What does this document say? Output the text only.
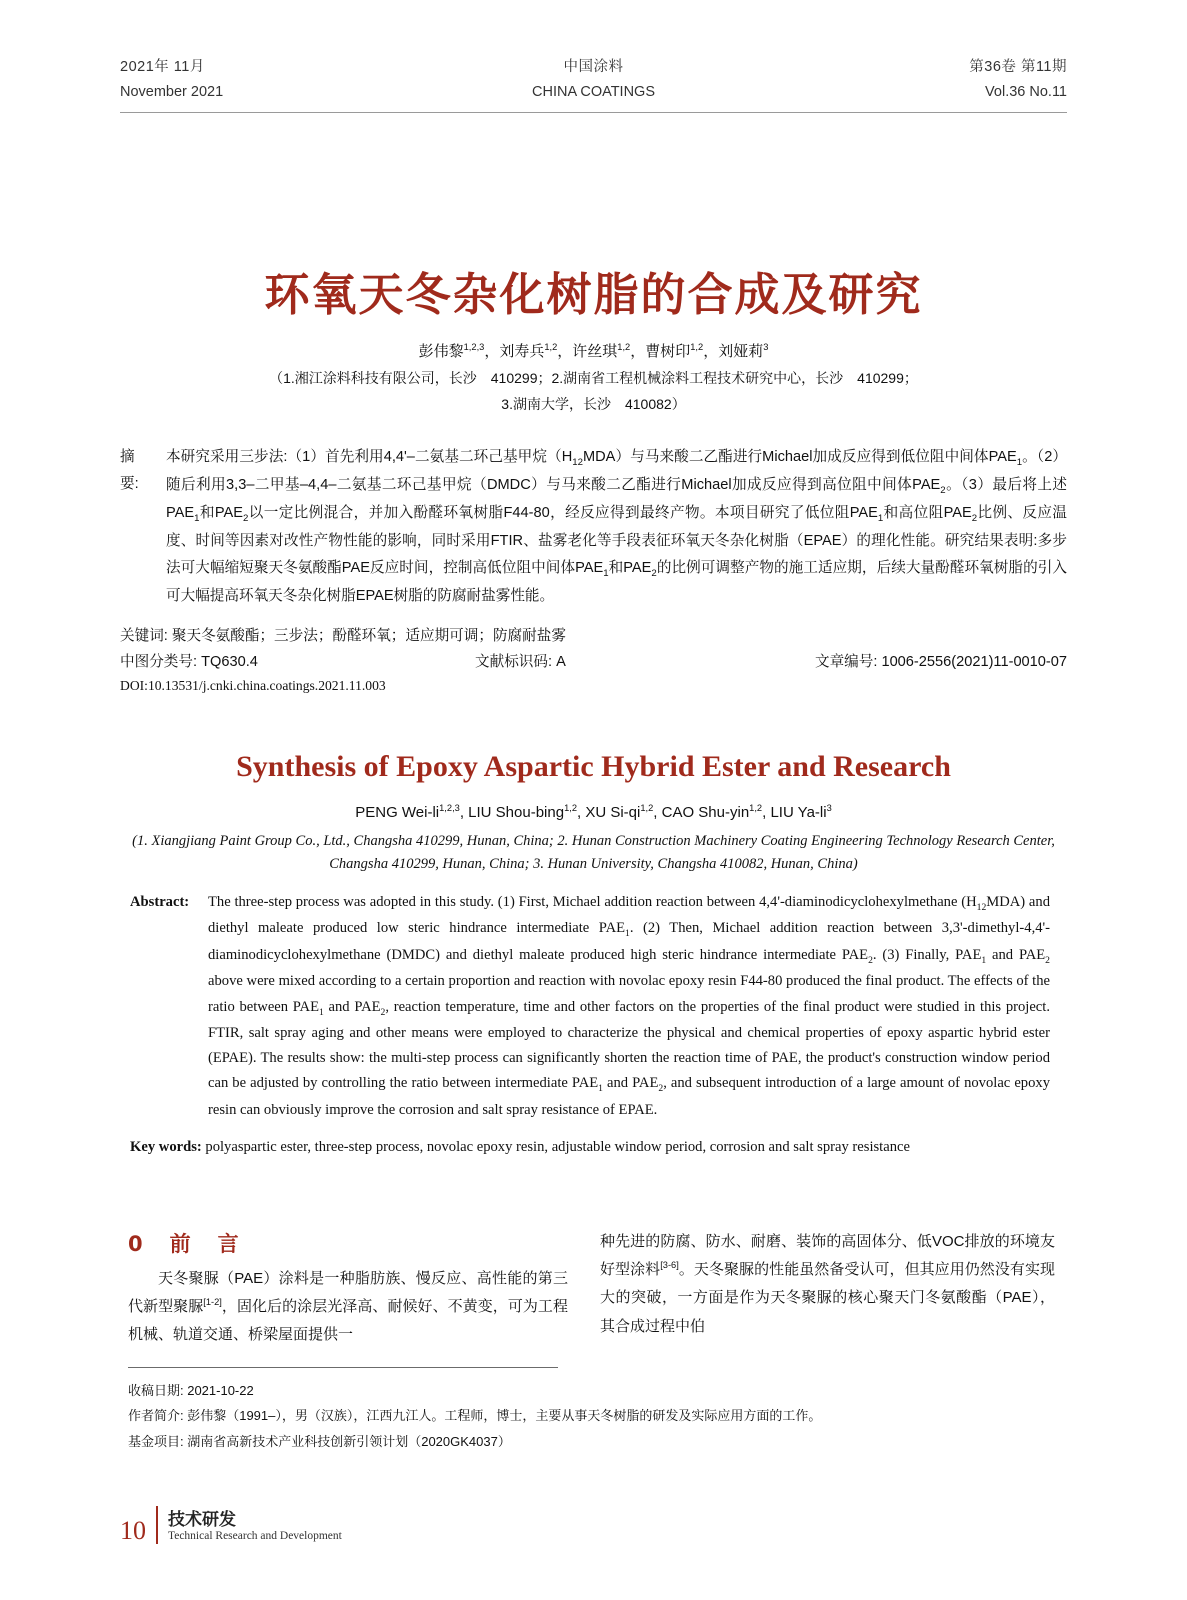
2021年 11月	中国涂料	第36卷 第11期
November 2021	CHINA COATINGS	Vol.36 No.11
环氧天冬杂化树脂的合成及研究
彭伟黎$^{1,2,3}$，刘寿兵$^{1,2}$，许丝琪$^{1,2}$，曹树印$^{1,2}$，刘娅莉$^3$
（1.湘江涂料科技有限公司，长沙　410299；2.湖南省工程机械涂料工程技术研究中心，长沙　410299；
3.湖南大学，长沙　410082）
摘　要:
本研究采用三步法:（1）首先利用4,4'–二氨基二环己基甲烷$(H_{12}MDA)$与马来酸二乙酯进行Michael加成反应得到低位阻中间体$PAE_1$。（2）随后利用3,3–二甲基–4,4–二氨基二环己基甲烷（DMDC）与马来酸二乙酯进行Michael加成反应得到高位阻中间体$PAE_2$。（3）最后将上述$PAE_1$和$PAE_2$以一定比例混合，并加入酚醛环氧树脂F44-80，经反应得到最终产物。本项目研究了低位阻$PAE_1$和高位阻$PAE_2$比例、反应温度、时间等因素对改性产物性能的影响，同时采用FTIR、盐雾老化等手段表征环氧天冬杂化树脂（EPAE）的理化性能。研究结果表明:多步法可大幅缩短聚天冬氨酸酯PAE反应时间，控制高低位阻中间体$PAE_1$和$PAE_2$的比例可调整产物的施工适应期，后续大量酚醛环氧树脂的引入可大幅提高环氧天冬杂化树脂EPAE树脂的防腐耐盐雾性能。
关键词: 聚天冬氨酸酯；三步法；酚醛环氧；适应期可调；防腐耐盐雾
中图分类号: TQ630.4	文献标识码: A	文章编号: 1006-2556(2021)11-0010-07
DOI:10.13531/j.cnki.china.coatings.2021.11.003
Synthesis of Epoxy Aspartic Hybrid Ester and Research
PENG Wei-li$^{1,2,3}$, LIU Shou-bing$^{1,2}$, XU Si-qi$^{1,2}$, CAO Shu-yin$^{1,2}$, LIU $Ya-li^3$
(1. Xiangjiang Paint Group Co., Ltd., Changsha 410299, Hunan, China; 2. Hunan Construction Machinery Coating Engineering Technology Research Center, Changsha 410299, Hunan, China; 3. Hunan University, Changsha 410082, Hunan, China)
Abstract:	The three-step process was adopted in this study. (1) First, Michael addition reaction between 4,4'-diaminodicyclohexylmethane $(H_{12}MDA)$ and diethyl maleate produced low steric hindrance intermediate $PAE_1$. (2) Then, Michael addition reaction between 3,3'-dimethyl-4,4'-diaminodicyclohexylmethane (DMDC) and diethyl maleate produced high steric hindrance intermediate $PAE_2$. (3) Finally, $PAE_1$ and $PAE_2$ above were mixed according to a certain proportion and reaction with novolac epoxy resin F44-80 produced the final product. The effects of the ratio between $PAE_1$ and $PAE_2$, reaction temperature, time and other factors on the properties of the final product were studied in this project. FTIR, salt spray aging and other means were employed to characterize the physical and chemical properties of epoxy aspartic hybrid ester (EPAE). The results show: the multi-step process can significantly shorten the reaction time of PAE, the product's construction window period can be adjusted by controlling the ratio between intermediate $PAE_1$ and $PAE_2$, and subsequent introduction of a large amount of novolac epoxy resin can obviously improve the corrosion and salt spray resistance of EPAE.
Key words: polyaspartic ester, three-step process, novolac epoxy resin, adjustable window period, corrosion and salt spray resistance
0　前　言
天冬聚脲（PAE）涂料是一种脂肪族、慢反应、高性能的第三代新型聚脲[1-2]，固化后的涂层光泽高、耐候好、不黄变，可为工程机械、轨道交通、桥梁屋面提供一
种先进的防腐、防水、耐磨、装饰的高固体分、低VOC排放的环境友好型涂料[3-6]。天冬聚脲的性能虽然备受认可，但其应用仍然没有实现大的突破，一方面是作为天冬聚脲的核心聚天门冬氨酸酯（PAE），其合成过程中伯
收稿日期: 2021-10-22
作者简介: 彭伟黎（1991–），男（汉族），江西九江人。工程师，博士，主要从事天冬树脂的研发及实际应用方面的工作。
基金项目: 湖南省高新技术产业科技创新引领计划（2020GK4037）
10	技术研发
Technical Research and Development
